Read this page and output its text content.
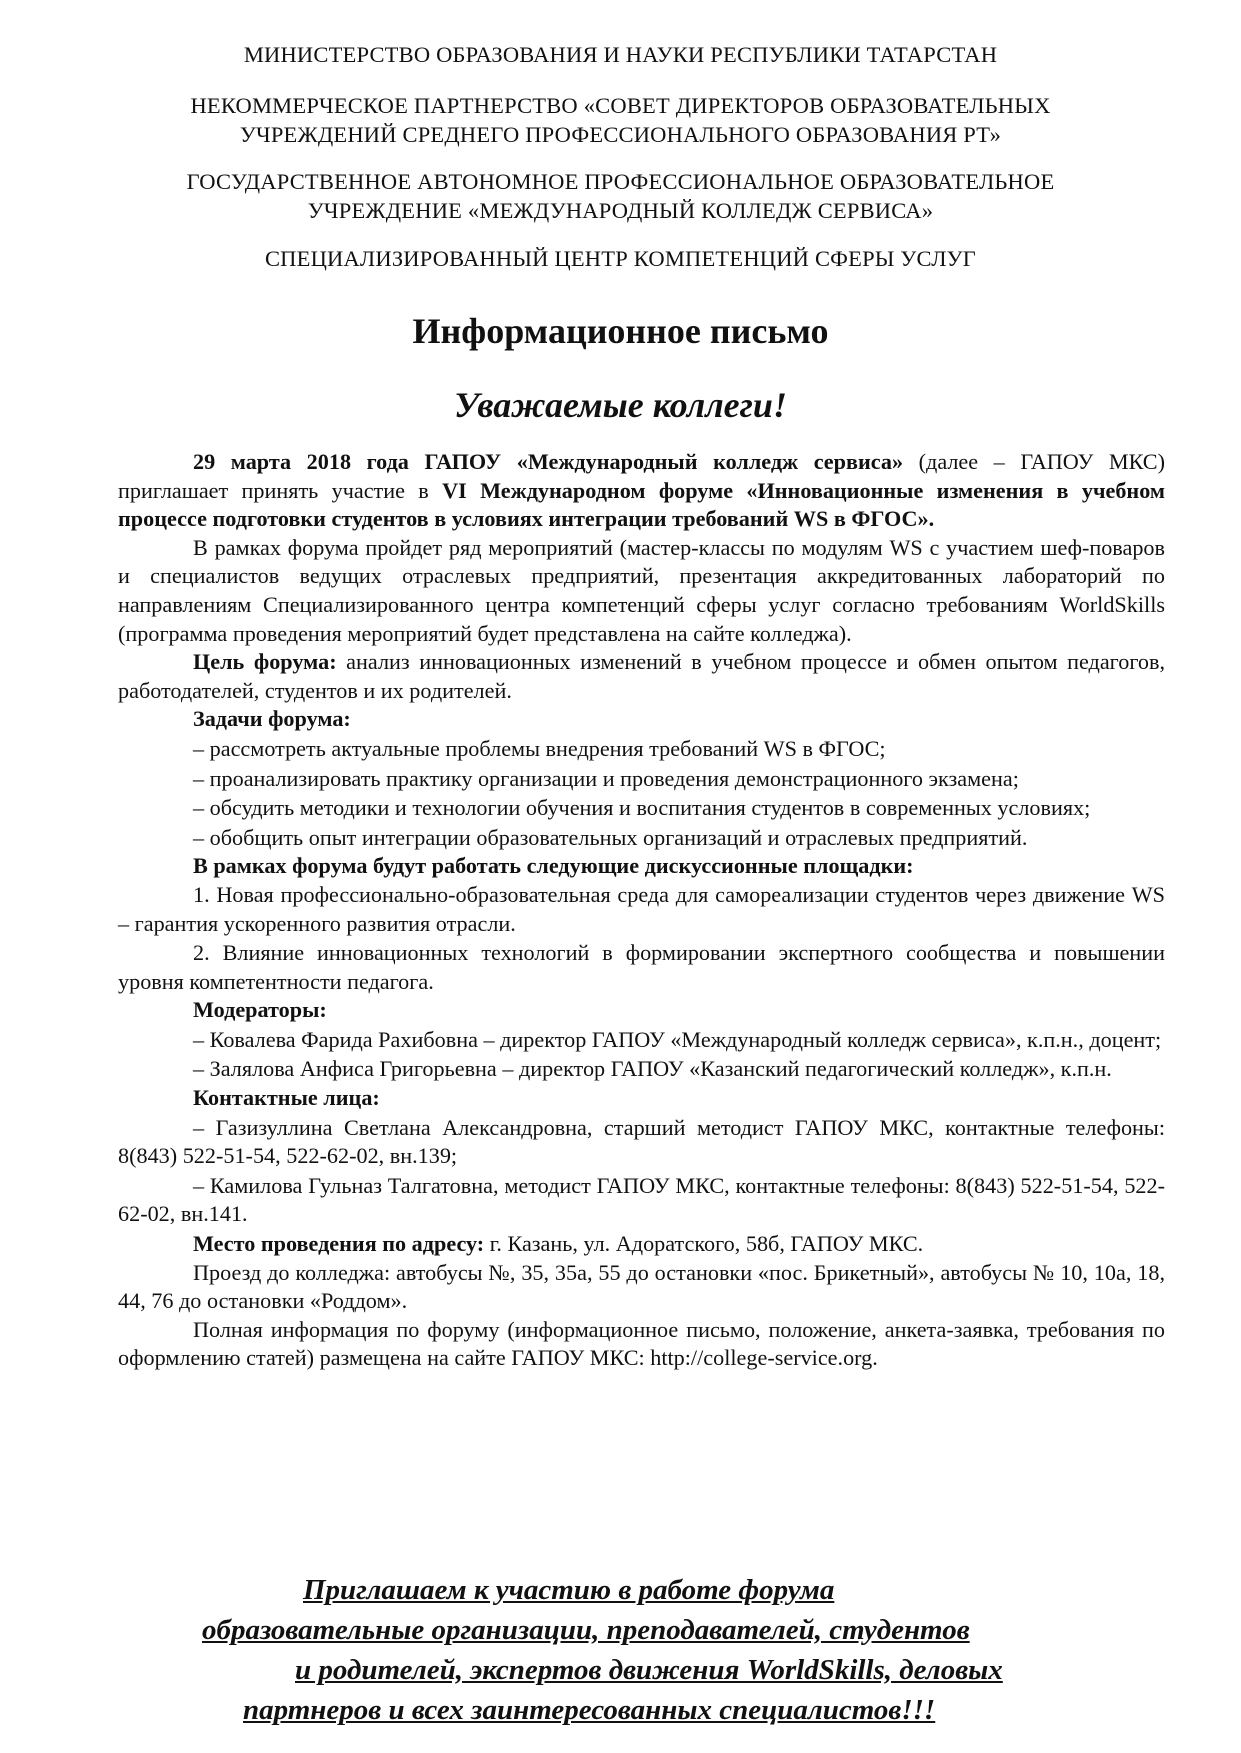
МИНИСТЕРСТВО ОБРАЗОВАНИЯ И НАУКИ РЕСПУБЛИКИ ТАТАРСТАН
НЕКОММЕРЧЕСКОЕ ПАРТНЕРСТВО «СОВЕТ ДИРЕКТОРОВ ОБРАЗОВАТЕЛЬНЫХ
УЧРЕЖДЕНИЙ СРЕДНЕГО ПРОФЕССИОНАЛЬНОГО ОБРАЗОВАНИЯ РТ»
ГОСУДАРСТВЕННОЕ АВТОНОМНОЕ ПРОФЕССИОНАЛЬНОЕ ОБРАЗОВАТЕЛЬНОЕ
УЧРЕЖДЕНИЕ «МЕЖДУНАРОДНЫЙ КОЛЛЕДЖ СЕРВИСА»
СПЕЦИАЛИЗИРОВАННЫЙ ЦЕНТР КОМПЕТЕНЦИЙ СФЕРЫ УСЛУГ
Информационное письмо
Уважаемые коллеги!

29 марта 2018 года ГАПОУ «Международный колледж сервиса» (далее – ГАПОУ МКС) приглашает принять участие в VI Международном форуме «Инновационные изменения в учебном процессе подготовки студентов в условиях интеграции требований WS в ФГОС».

В рамках форума пройдет ряд мероприятий (мастер-классы по модулям WS с участием шеф-поваров и специалистов ведущих отраслевых предприятий, презентация аккредитованных лабораторий по направлениям Специализированного центра компетенций сферы услуг согласно требованиям WorldSkills (программа проведения мероприятий будет представлена на сайте колледжа).

Цель форума: анализ инновационных изменений в учебном процессе и обмен опытом педагогов, работодателей, студентов и их родителей.

Задачи форума:

– рассмотреть актуальные проблемы внедрения требований WS в ФГОС;

– проанализировать практику организации и проведения демонстрационного экзамена;

– обсудить методики и технологии обучения и воспитания студентов в современных условиях;

– обобщить опыт интеграции образовательных организаций и отраслевых предприятий.

В рамках форума будут работать следующие дискуссионные площадки:

1. Новая профессионально-образовательная среда для самореализации студентов через движение WS – гарантия ускоренного развития отрасли.

2. Влияние инновационных технологий в формировании экспертного сообщества и повышении уровня компетентности педагога.

Модераторы:

– Ковалева Фарида Рахибовна – директор ГАПОУ «Международный колледж сервиса», к.п.н., доцент;

– Залялова Анфиса Григорьевна – директор ГАПОУ «Казанский педагогический колледж», к.п.н.

Контактные лица:

– Газизуллина Светлана Александровна, старший методист ГАПОУ МКС, контактные телефоны: 8(843) 522-51-54, 522-62-02, вн.139;

– Камилова Гульназ Талгатовна, методист ГАПОУ МКС, контактные телефоны: 8(843) 522-51-54, 522-62-02, вн.141.

Место проведения по адресу: г. Казань, ул. Адоратского, 58б, ГАПОУ МКС.

Проезд до колледжа: автобусы №, 35, 35а, 55 до остановки «пос. Брикетный», автобусы № 10, 10а, 18, 44, 76 до остановки «Роддом».

Полная информация по форуму (информационное письмо, положение, анкета-заявка, требования по оформлению статей) размещена на сайте ГАПОУ МКС: http://college-service.org.

Приглашаем к участию в работе форума
образовательные организации, преподавателей, студентов
и родителей, экспертов движения WorldSkills, деловых
партнеров и всех заинтересованных специалистов!!!
